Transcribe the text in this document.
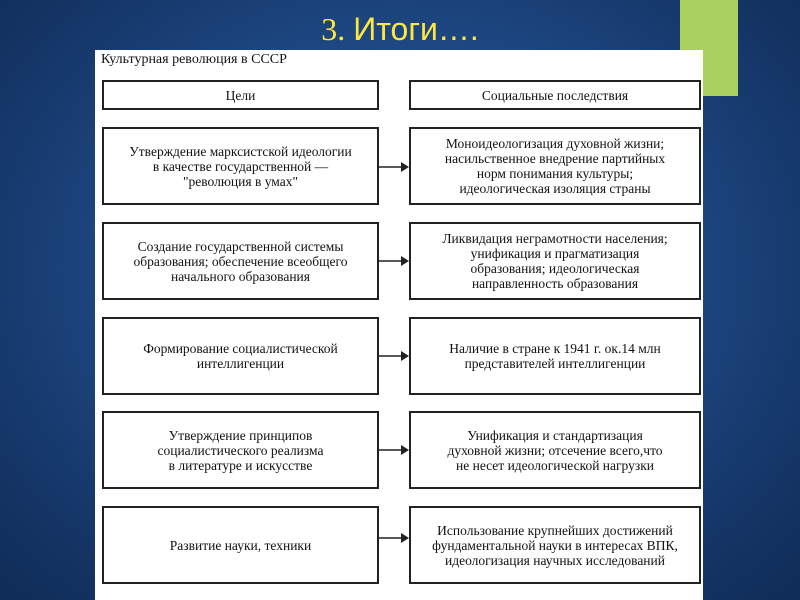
3. Итоги….
Культурная революция в СССР
Цели	Социальные последствия
Утверждение марксистской идеологии
в качестве государственной —
"революция в умах"
Моноидеологизация духовной жизни;
насильственное внедрение партийных
норм понимания культуры;
идеологическая изоляция страны
Создание государственной системы
образования; обеспечение всеобщего
начального образования
Ликвидация неграмотности населения;
унификация и прагматизация
образования; идеологическая
направленность образования
Формирование социалистической
интеллигенции
Наличие в стране к 1941 г. ок.14 млн
представителей интеллигенции
Утверждение принципов
социалистического реализма
в литературе и искусстве
Унификация и стандартизация
духовной жизни; отсечение всего,что
не несет идеологической нагрузки
Развитие науки, техники
Использование крупнейших достижений
фундаментальной науки в интересах ВПК,
идеологизация научных исследований
